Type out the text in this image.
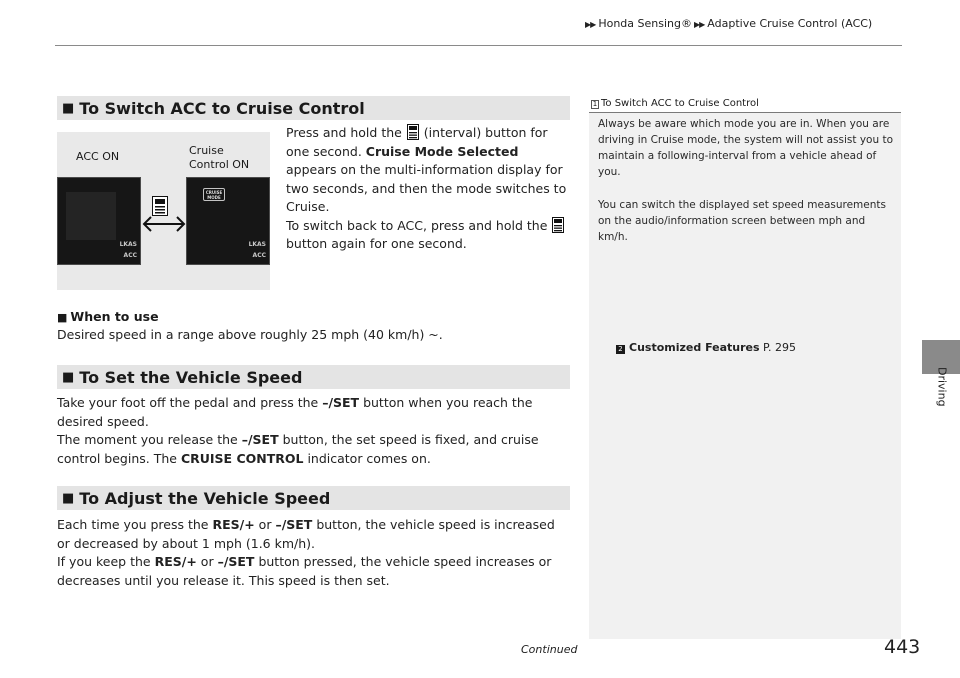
▶▶ Honda Sensing® ▶▶ Adaptive Cruise Control (ACC)
Driving
■ To Switch ACC to Cruise Control
ACC ON	Cruise
Control ON
LKAS
ACC
CRUISE
MODE
LKAS
ACC
Press and hold the (interval) button for one second. Cruise Mode Selected appears on the multi-information display for two seconds, and then the mode switches to Cruise.
To switch back to ACC, press and hold the  button again for one second.
■ When to use
Desired speed in a range above roughly 25 mph (40 km/h) ~.
■ To Set the Vehicle Speed
Take your foot off the pedal and press the –/SET button when you reach the desired speed.
The moment you release the –/SET button, the set speed is fixed, and cruise control begins. The CRUISE CONTROL indicator comes on.
■ To Adjust the Vehicle Speed
Each time you press the RES/+ or –/SET button, the vehicle speed is increased or decreased by about 1 mph (1.6 km/h).
If you keep the RES/+ or –/SET button pressed, the vehicle speed increases or decreases until you release it. This speed is then set.
1 To Switch ACC to Cruise Control
Always be aware which mode you are in. When you are driving in Cruise mode, the system will not assist you to maintain a following-interval from a vehicle ahead of you.
You can switch the displayed set speed measurements on the audio/information screen between mph and km/h.
2 Customized Features P. 295
Continued	443
